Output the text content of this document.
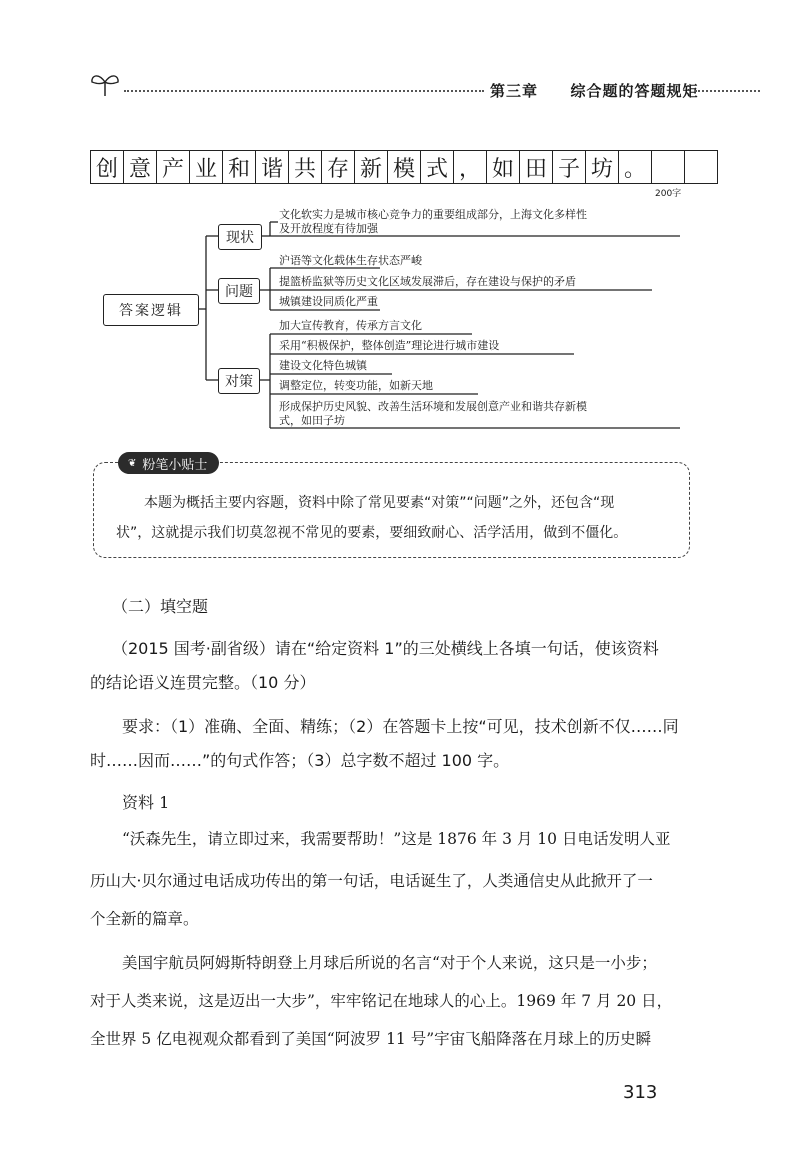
第三章 综合题的答题规矩
创 意 产 业 和 谐 共 存 新 模 式 ， 如 田 子 坊 。
200字
答案逻辑
现状
问题
对策
文化软实力是城市核心竞争力的重要组成部分，上海文化多样性
及开放程度有待加强
沪语等文化载体生存状态严峻
提篮桥监狱等历史文化区域发展滞后，存在建设与保护的矛盾
城镇建设同质化严重
加大宣传教育，传承方言文化
采用“积极保护，整体创造”理论进行城市建设
建设文化特色城镇
调整定位，转变功能，如新天地
形成保护历史风貌、改善生活环境和发展创意产业和谐共存新模
式，如田子坊
❦ 粉笔小贴士
本题为概括主要内容题，资料中除了常见要素“对策”“问题”之外，还包含“现
状”，这就提示我们切莫忽视不常见的要素，要细致耐心、活学活用，做到不僵化。
（二）填空题
（2015 国考·副省级）请在“给定资料 1”的三处横线上各填一句话，使该资料
的结论语义连贯完整。（10 分）
要求：（1）准确、全面、精练；（2）在答题卡上按“可见，技术创新不仅……同
时……因而……”的句式作答；（3）总字数不超过 100 字。
资料 1
“沃森先生，请立即过来，我需要帮助！”这是 1876 年 3 月 10 日电话发明人亚
历山大·贝尔通过电话成功传出的第一句话，电话诞生了，人类通信史从此掀开了一
个全新的篇章。
美国宇航员阿姆斯特朗登上月球后所说的名言“对于个人来说，这只是一小步；
对于人类来说，这是迈出一大步”，牢牢铭记在地球人的心上。1969 年 7 月 20 日，
全世界 5 亿电视观众都看到了美国“阿波罗 11 号”宇宙飞船降落在月球上的历史瞬
313
